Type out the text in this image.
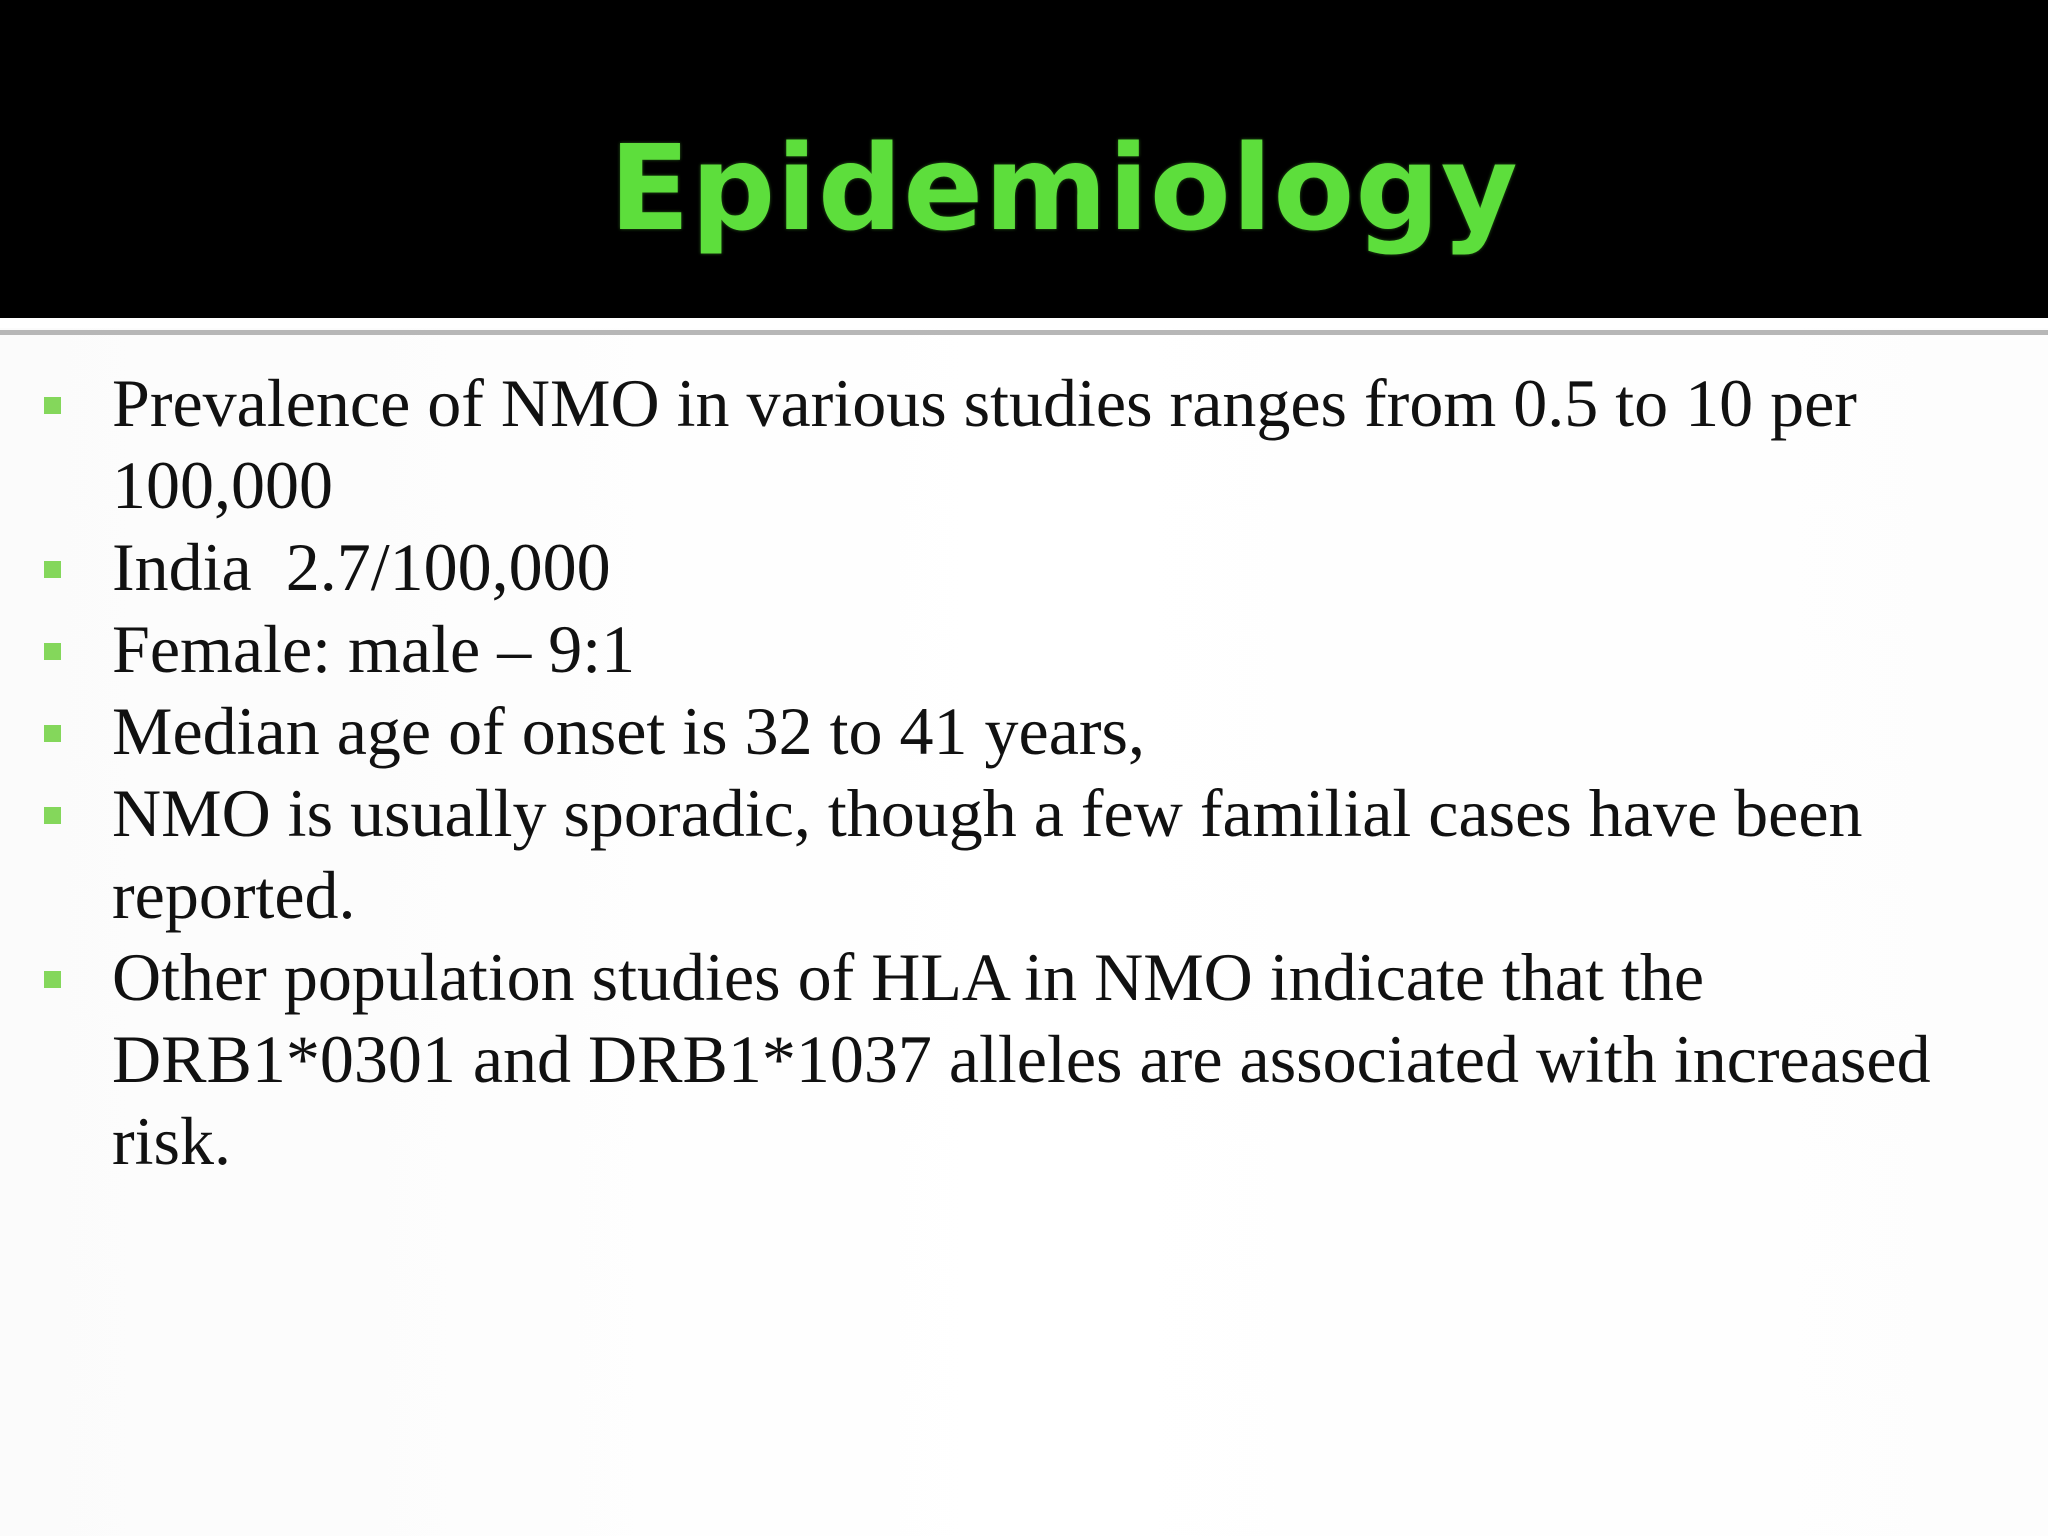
Epidemiology
Prevalence of NMO in various studies ranges from 0.5 to 10 per 100,000
India  2.7/100,000
Female: male – 9:1
Median age of onset is 32 to 41 years,
NMO is usually sporadic, though a few familial cases have been reported.
Other population studies of HLA in NMO indicate that the DRB1*0301 and DRB1*1037 alleles are associated with increased risk.
